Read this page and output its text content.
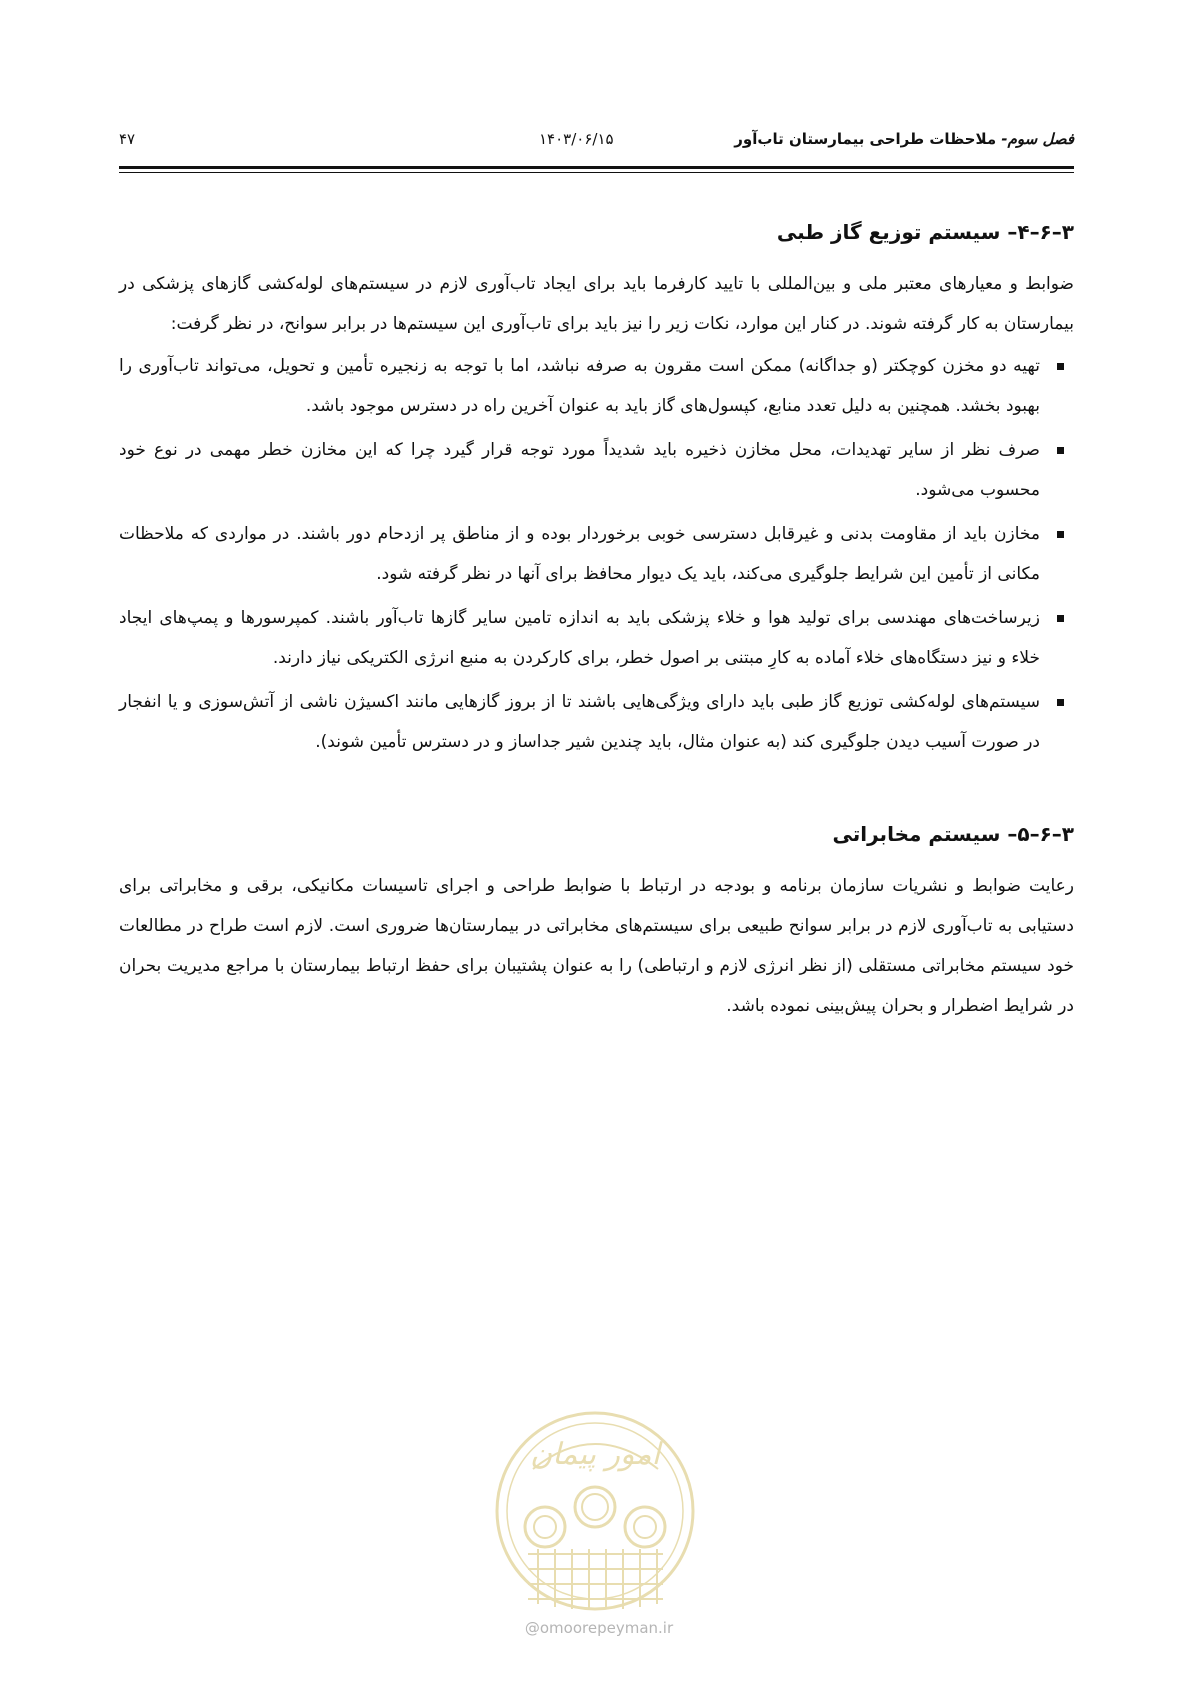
فصل سوم- ملاحظات طراحی بیمارستان تاب‌آور
۱۴۰۳/۰۶/۱۵
۴۷
۳–۶–۴– سیستم توزیع گاز طبی

ضوابط و معیارهای معتبر ملی و بین‌المللی با تایید کارفرما باید برای ایجاد تاب‌آوری لازم در سیستم‌های لوله‌کشی گازهای پزشکی در بیمارستان به کار گرفته شوند. در کنار این موارد، نکات زیر را نیز باید برای تاب‌آوری این سیستم‌ها در برابر سوانح، در نظر گرفت:

تهیه دو مخزن کوچکتر (و جداگانه) ممکن است مقرون به صرفه نباشد، اما با توجه به زنجیره تأمین و تحویل، می‌تواند تاب‌آوری را بهبود بخشد. همچنین به دلیل تعدد منابع، کپسول‌های گاز باید به عنوان آخرین راه در دسترس موجود باشد.
صرف نظر از سایر تهدیدات، محل مخازن ذخیره باید شدیداً مورد توجه قرار گیرد چرا که این مخازن خطر مهمی در نوع خود محسوب می‌شود.
مخازن باید از مقاومت بدنی و غیرقابل دسترسی خوبی برخوردار بوده و از مناطق پر ازدحام دور باشند. در مواردی که ملاحظات مکانی از تأمین این شرایط جلوگیری می‌کند، باید یک دیوار محافظ برای آنها در نظر گرفته شود.
زیرساخت‌های مهندسی برای تولید هوا و خلاء پزشکی باید به اندازه تامین سایر گازها تاب‌آور باشند. کمپرسورها و پمپ‌های ایجاد خلاء و نیز دستگاه‌های خلاء آماده به کارِ مبتنی بر اصول خطر، برای کارکردن به منبع انرژی الکتریکی نیاز دارند.
سیستم‌های لوله‌کشی توزیع گاز طبی باید دارای ویژگی‌هایی باشند تا از بروز گازهایی مانند اکسیژن ناشی از آتش‌سوزی و یا انفجار در صورت آسیب دیدن جلوگیری کند (به عنوان مثال، باید چندین شیر جداساز و در دسترس تأمین شوند).
۳–۶–۵– سیستم مخابراتی

رعایت ضوابط و نشریات سازمان برنامه و بودجه در ارتباط با ضوابط طراحی و اجرای تاسیسات مکانیکی، برقی و مخابراتی برای دستیابی به تاب‌آوری لازم در برابر سوانح طبیعی برای سیستم‌های مخابراتی در بیمارستان‌ها ضروری است. لازم است طراح در مطالعات خود سیستم مخابراتی مستقلی (از نظر انرژی لازم و ارتباطی) را به عنوان پشتیبان برای حفظ ارتباط بیمارستان با مراجع مدیریت بحران در شرایط اضطرار و بحران پیش‌بینی نموده باشد.

امور پیمان
@omoorepeyman.ir
